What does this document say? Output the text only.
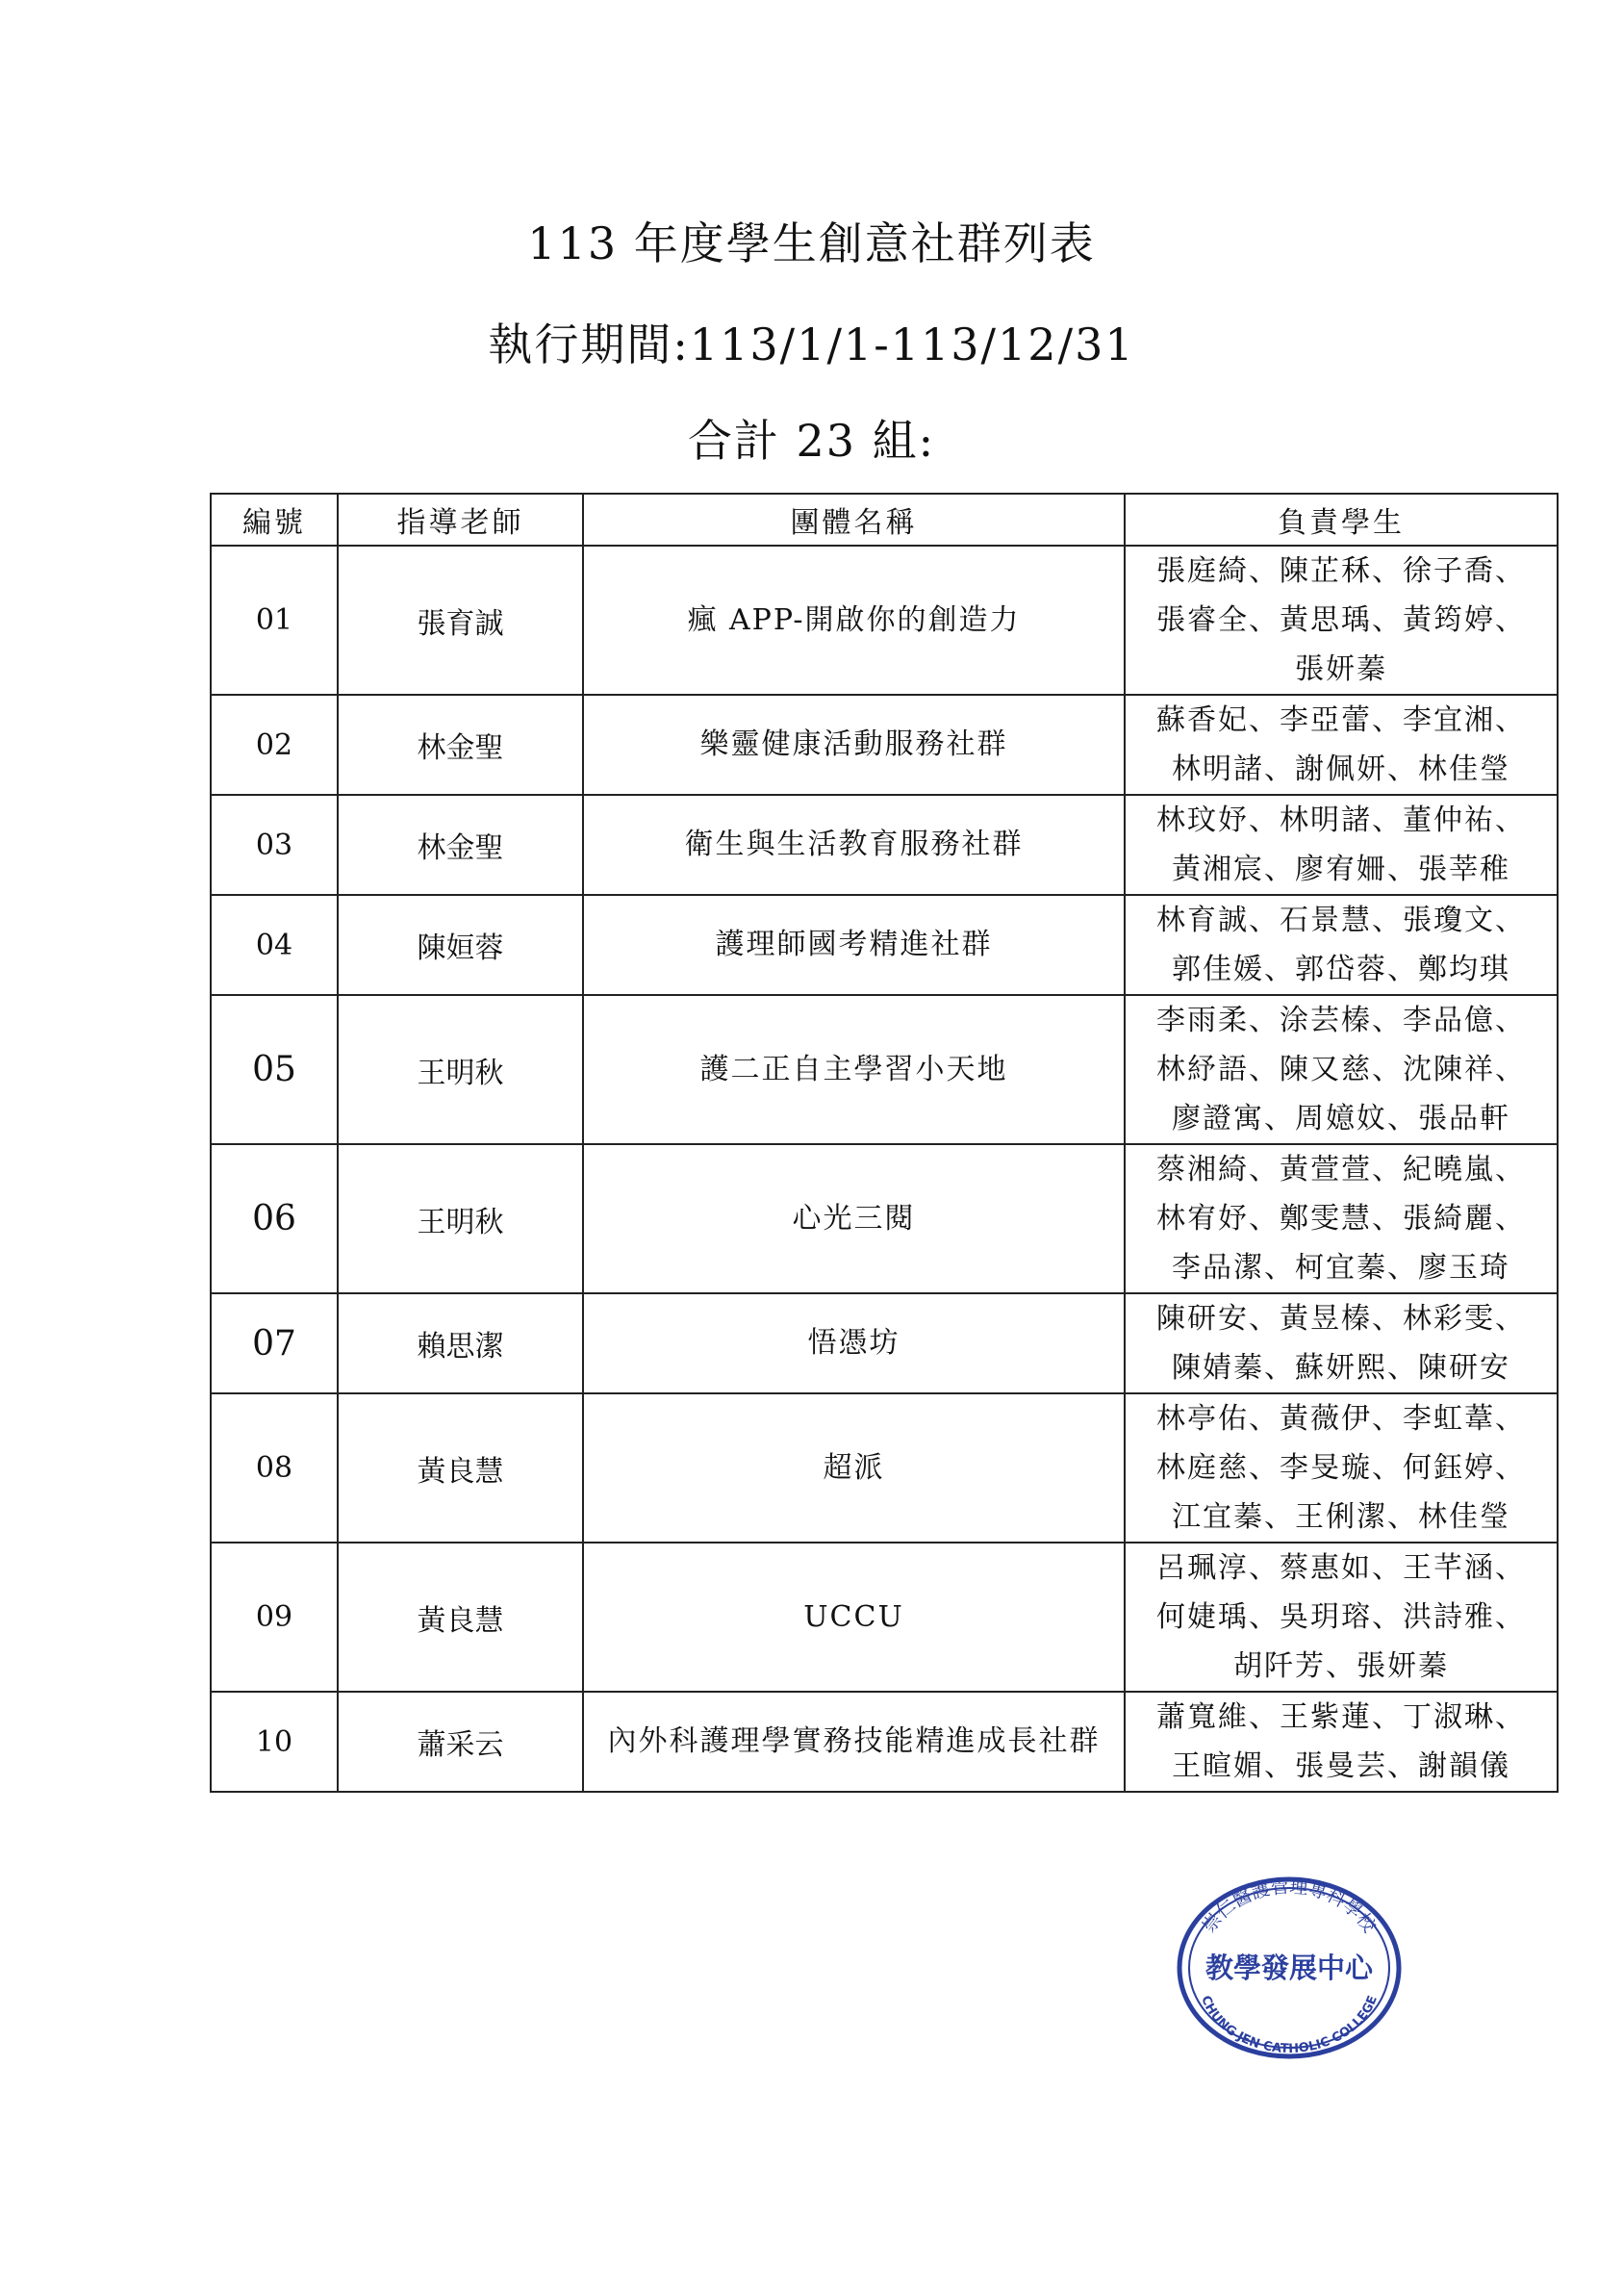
113 年度學生創意社群列表
執行期間:113/1/1-113/12/31
合計 23 組:
編號	指導老師	團體名稱	負責學生
01	張育誠	瘋 APP-開啟你的創造力	張庭綺、陳芷秝、徐子喬、
張睿全、黃思瑀、黃筠婷、
張妍蓁

02	林金聖	樂靈健康活動服務社群	蘇香妃、李亞蕾、李宜湘、
林明諸、謝佩妍、林佳瑩

03	林金聖	衛生與生活教育服務社群	林玟妤、林明諸、董仲祐、
黃湘宸、廖宥姍、張莘稚

04	陳姮蓉	護理師國考精進社群	林育誠、石景慧、張瓊文、
郭佳媛、郭岱蓉、鄭均琪

05	王明秋	護二正自主學習小天地	李雨柔、涂芸榛、李品億、
林紓語、陳又慈、沈陳祥、
廖證寓、周嬑妏、張品軒

06	王明秋	心光三閱	蔡湘綺、黃萱萱、紀曉嵐、
林宥妤、鄭雯慧、張綺麗、
李品潔、柯宜蓁、廖玉琦

07	賴思潔	悟憑坊	陳研安、黃昱榛、林彩雯、
陳婧蓁、蘇妍熙、陳研安

08	黃良慧	超派	林亭佑、黃薇伊、李虹葦、
林庭慈、李旻璇、何鈺婷、
江宜蓁、王俐潔、林佳瑩

09	黃良慧	UCCU	呂珮淳、蔡惠如、王芊涵、
何婕瑀、吳玥瑢、洪詩雅、
胡阡芳、張妍蓁

10	蕭采云	內外科護理學實務技能精進成長社群	蕭寬維、王紫蓮、丁淑琳、
王暄媚、張曼芸、謝韻儀
崇仁醫護管理專科學校
教學發展中心
CHUNG JEN CATHOLIC COLLEGE
